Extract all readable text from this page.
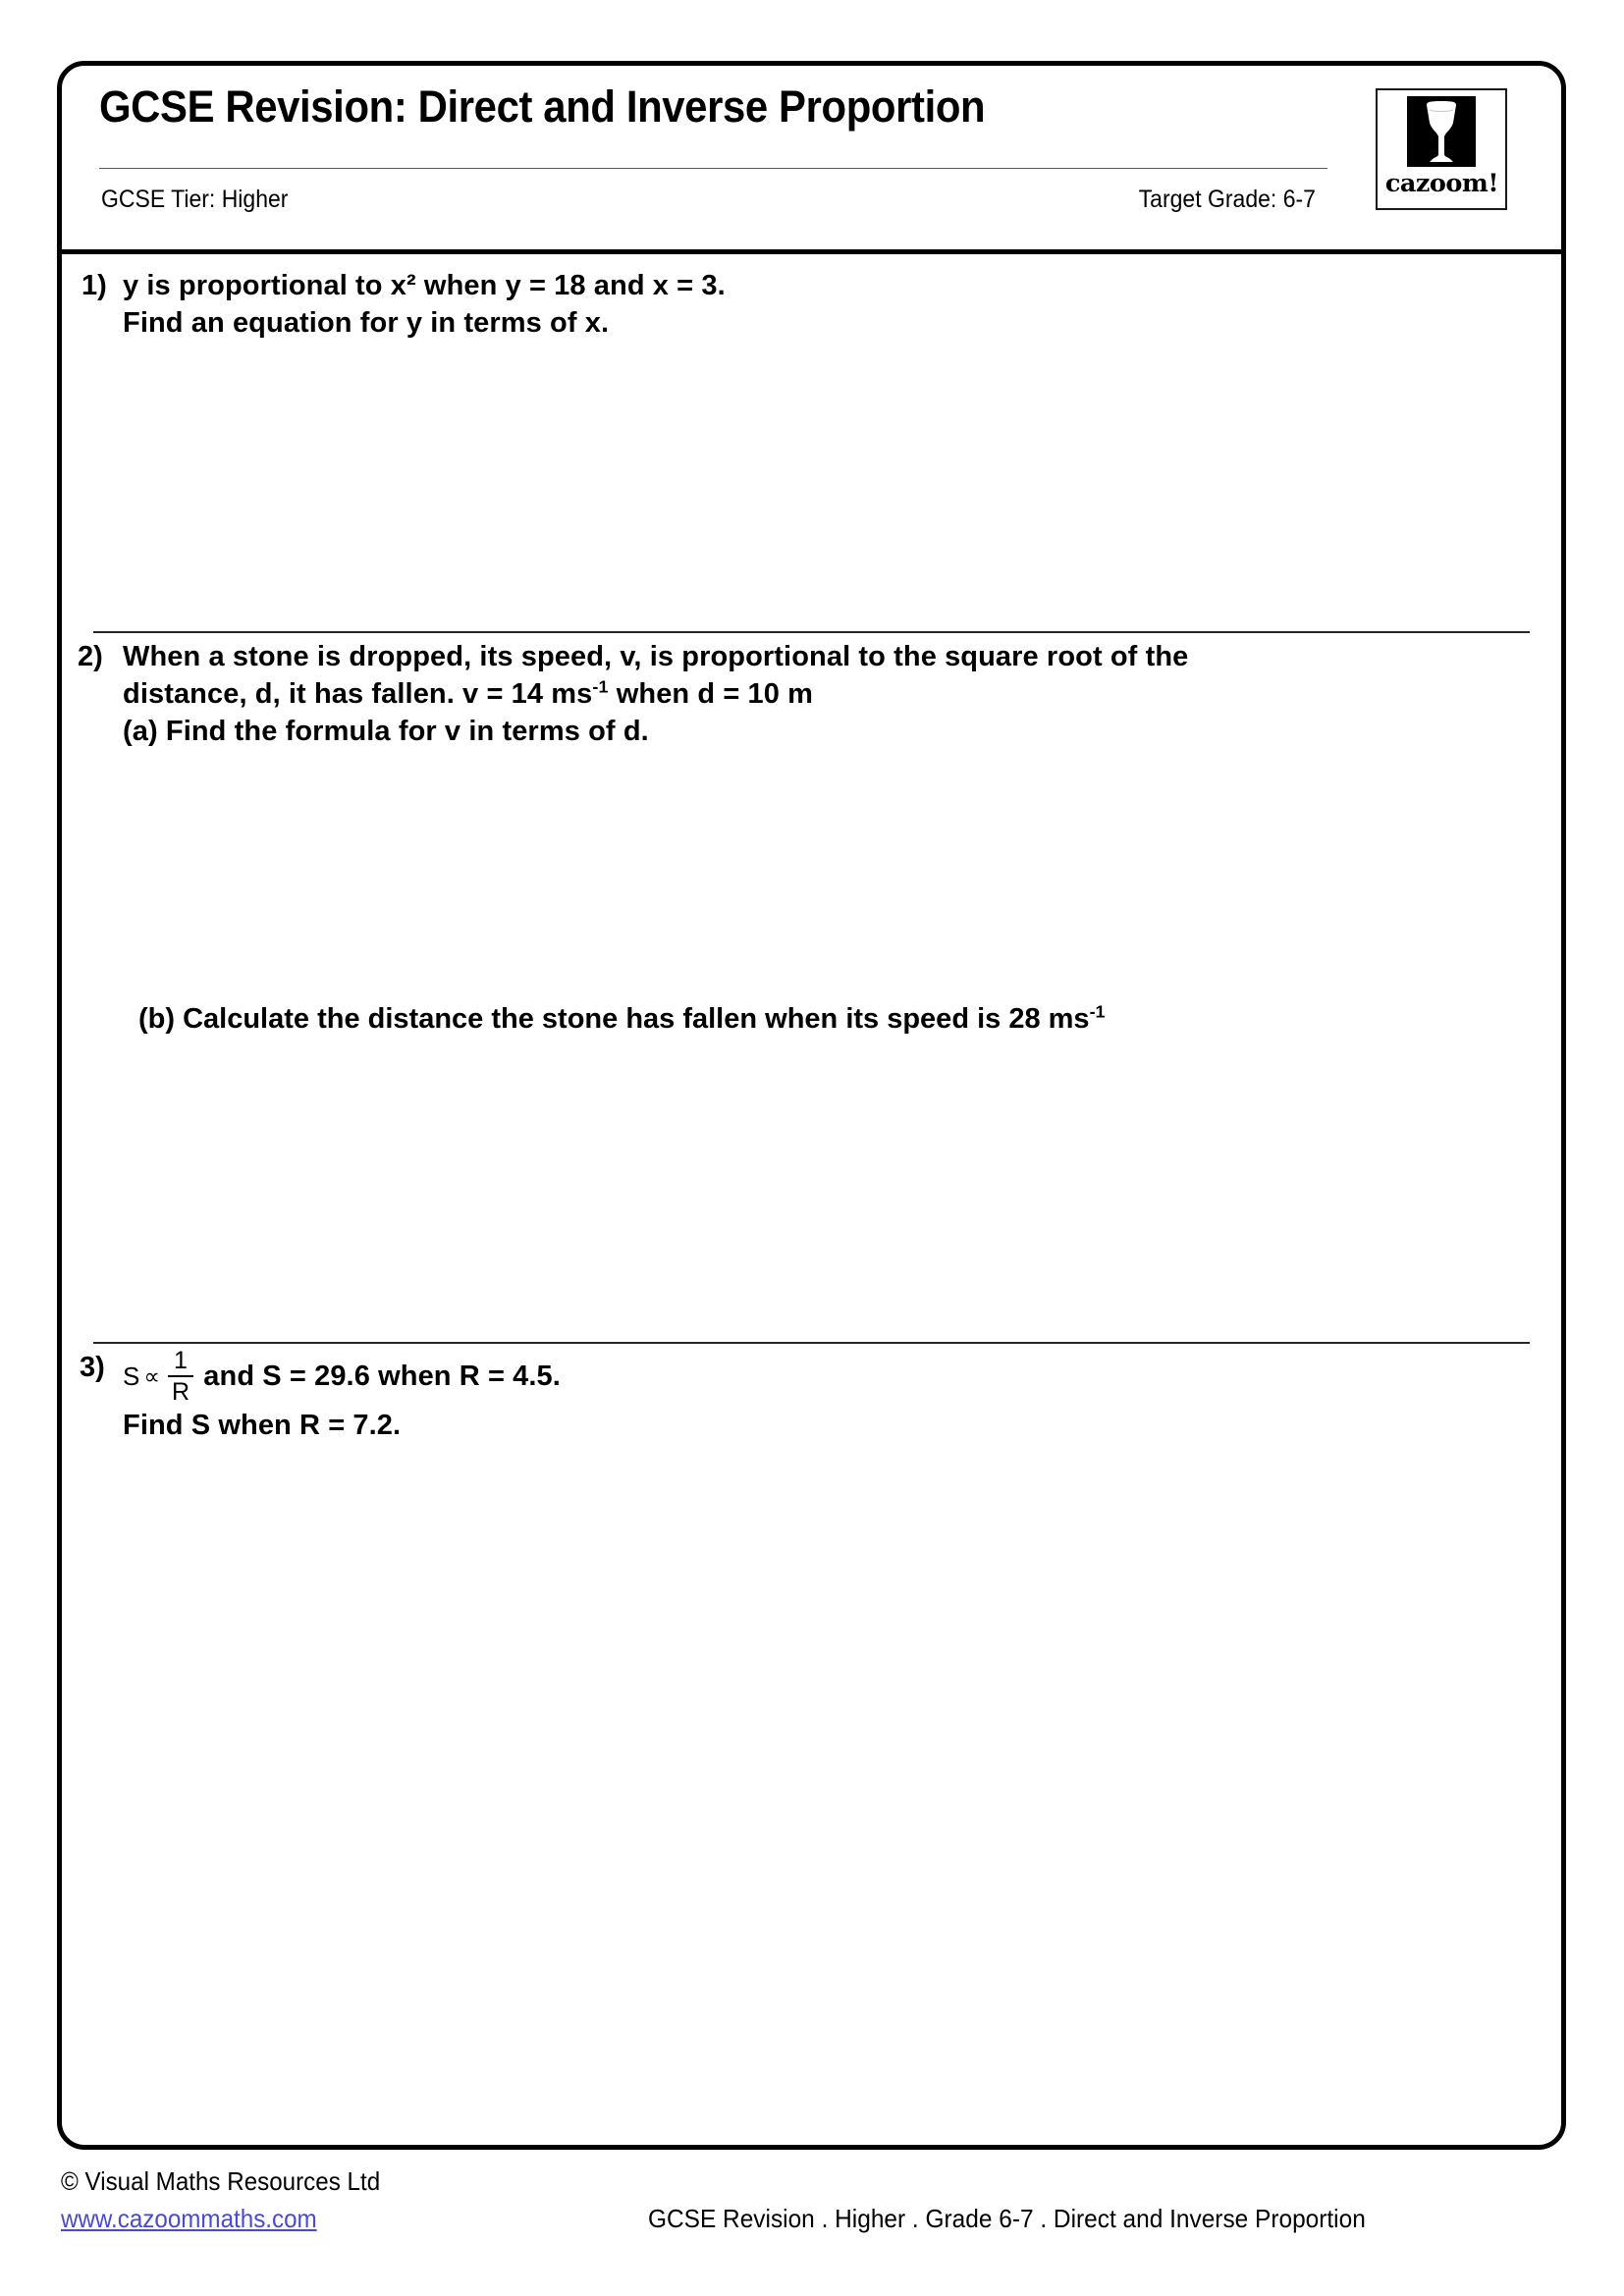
GCSE Revision: Direct and Inverse Proportion
GCSE Tier: Higher	Target Grade: 6-7
cazoom!
1) y is proportional to x² when y = 18 and x = 3.
Find an equation for y in terms of x.
2) When a stone is dropped, its speed, v, is proportional to the square root of the
distance, d, it has fallen. v = 14 $ms^{-1}$ when d = 10 m
(a) Find the formula for v in terms of d.
(b) Calculate the distance the stone has fallen when its speed is 28 $ms^{-1}$
3) $S \propto \frac{1}{R}$ and S = 29.6 when R = 4.5.
Find S when R = 7.2.
© Visual Maths Resources Ltd
www.cazoommaths.com	GCSE Revision . Higher . Grade 6-7 . Direct and Inverse Proportion
